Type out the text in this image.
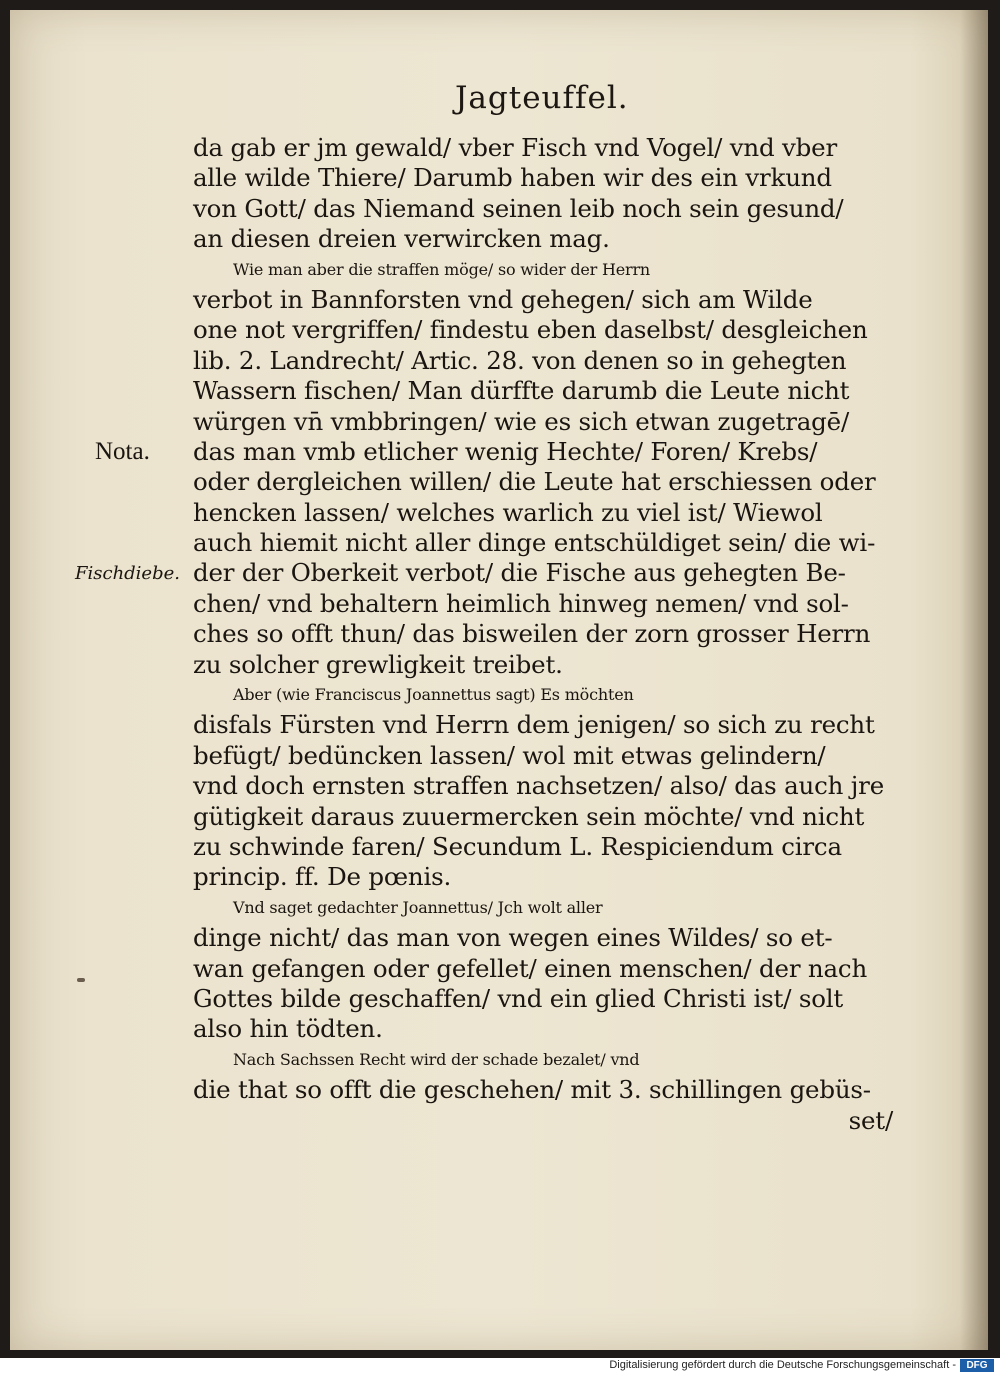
Jagteuffel.
Nota.
Fischdiebe.
da gab er jm gewald/ vber Fisch vnd Vogel/ vnd vber
alle wilde Thiere/ Darumb haben wir des ein vrkund
von Gott/ das Niemand seinen leib noch sein gesund/
an diesen dreien verwircken mag.
Wie man aber die straffen möge/ so wider der Herrn
verbot in Bannforsten vnd gehegen/ sich am Wilde
one not vergriffen/ findestu eben daselbst/ desgleichen
lib. 2. Landrecht/ Artic. 28. von denen so in gehegten
Wassern fischen/ Man dürffte darumb die Leute nicht
würgen vn̄ vmbbringen/ wie es sich etwan zugetragē/
das man vmb etlicher wenig Hechte/ Foren/ Krebs/
oder dergleichen willen/ die Leute hat erschiessen oder
hencken lassen/ welches warlich zu viel ist/ Wiewol
auch hiemit nicht aller dinge entschüldiget sein/ die wi-
der der Oberkeit verbot/ die Fische aus gehegten Be-
chen/ vnd behaltern heimlich hinweg nemen/ vnd sol-
ches so offt thun/ das bisweilen der zorn grosser Herrn
zu solcher grewligkeit treibet.
Aber (wie Franciscus Joannettus sagt) Es möchten
disfals Fürsten vnd Herrn dem jenigen/ so sich zu recht
befügt/ bedüncken lassen/ wol mit etwas gelindern/
vnd doch ernsten straffen nachsetzen/ also/ das auch jre
gütigkeit daraus zuuermercken sein möchte/ vnd nicht
zu schwinde faren/ Secundum L. Respiciendum circa
princip. ff. De pœnis.
Vnd saget gedachter Joannettus/ Jch wolt aller
dinge nicht/ das man von wegen eines Wildes/ so et-
wan gefangen oder gefellet/ einen menschen/ der nach
Gottes bilde geschaffen/ vnd ein glied Christi ist/ solt
also hin tödten.
Nach Sachssen Recht wird der schade bezalet/ vnd
die that so offt die geschehen/ mit 3. schillingen gebüs-
set/
Digitalisierung gefördert durch die Deutsche Forschungsgemeinschaft -	DFG
